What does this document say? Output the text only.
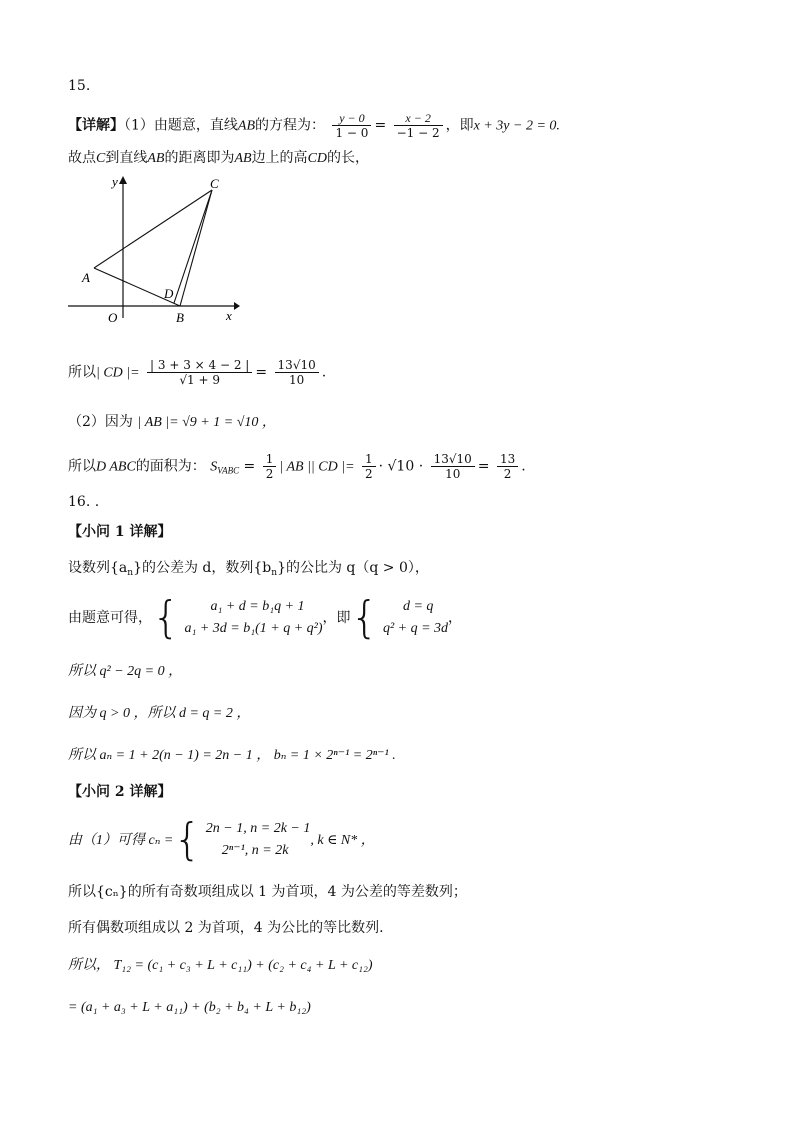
15.
【详解】（1）由题意，直线AB的方程为： $\frac{y - 0}{1 - 0} = \frac{x - 2}{-1 - 2}$ ，即x + 3y − 2 = 0.
故点C到直线AB的距离即为AB边上的高CD的长，
y
x
O
A
B
C
D
所以| CD |= $\frac{| 3 + 3 \times 4 - 2 |}{√1 + 9} = \frac{13√10}{10}$ .
（2）因为 | AB |= √9 + 1 = √10 ，
所以D ABC的面积为： $S_{VABC} = \frac{1}{2}$ | AB || CD |= $\frac{1}{2} \cdot √10 \cdot \frac{13√10}{10} = \frac{13}{2}$ .
16. .
【小问 1 详解】
设数列$\{a_n\}$的公差为 d，数列$\{b_n\}$的公比为 q（q > 0），
由题意可得，{	a₁ + d = b₁q + 1
a₁ + 3d = b₁(1 + q + q²)
，即{	d = q
q² + q = 3d
，
所以 q² − 2q = 0 ，
因为 q > 0 ，所以 d = q = 2 ，
所以 aₙ = 1 + 2(n − 1) = 2n − 1 ， bₙ = 1 × 2ⁿ⁻¹ = 2ⁿ⁻¹ .
【小问 2 详解】
由（1）可得 cₙ ={ 2n − 1, n = 2k − 1
2ⁿ⁻¹, n = 2k
, k ∈ N* ，
所以{cₙ}的所有奇数项组成以 1 为首项，4 为公差的等差数列；
所有偶数项组成以 2 为首项，4 为公比的等比数列.
所以， T₁₂ = (c₁ + c₃ + L + c₁₁) + (c₂ + c₄ + L + c₁₂)
= (a₁ + a₃ + L + a₁₁) + (b₂ + b₄ + L + b₁₂)
